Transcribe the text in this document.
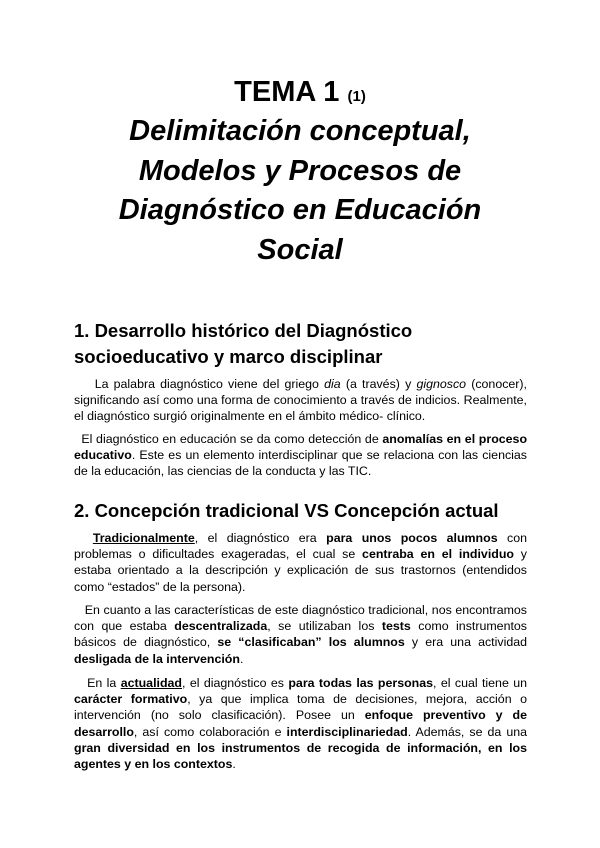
TEMA 1 (1)
Delimitación conceptual,
Modelos y Procesos de
Diagnóstico en Educación
Social
1. Desarrollo histórico del Diagnóstico
socioeducativo y marco disciplinar

La palabra diagnóstico viene del griego dia (a través) y gignosco (conocer), significando así como una forma de conocimiento a través de indicios. Realmente, el diagnóstico surgió originalmente en el ámbito médico- clínico.

El diagnóstico en educación se da como detección de anomalías en el proceso educativo. Este es un elemento interdisciplinar que se relaciona con las ciencias de la educación, las ciencias de la conducta y las TIC.

2. Concepción tradicional VS Concepción actual

Tradicionalmente, el diagnóstico era para unos pocos alumnos con problemas o dificultades exageradas, el cual se centraba en el individuo y estaba orientado a la descripción y explicación de sus trastornos (entendidos como “estados” de la persona).

En cuanto a las características de este diagnóstico tradicional, nos encontramos con que estaba descentralizada, se utilizaban los tests como instrumentos básicos de diagnóstico, se “clasificaban” los alumnos y era una actividad desligada de la intervención.

En la actualidad, el diagnóstico es para todas las personas, el cual tiene un carácter formativo, ya que implica toma de decisiones, mejora, acción o intervención (no solo clasificación). Posee un enfoque preventivo y de desarrollo, así como colaboración e interdisciplinariedad. Además, se da una gran diversidad en los instrumentos de recogida de información, en los agentes y en los contextos.
